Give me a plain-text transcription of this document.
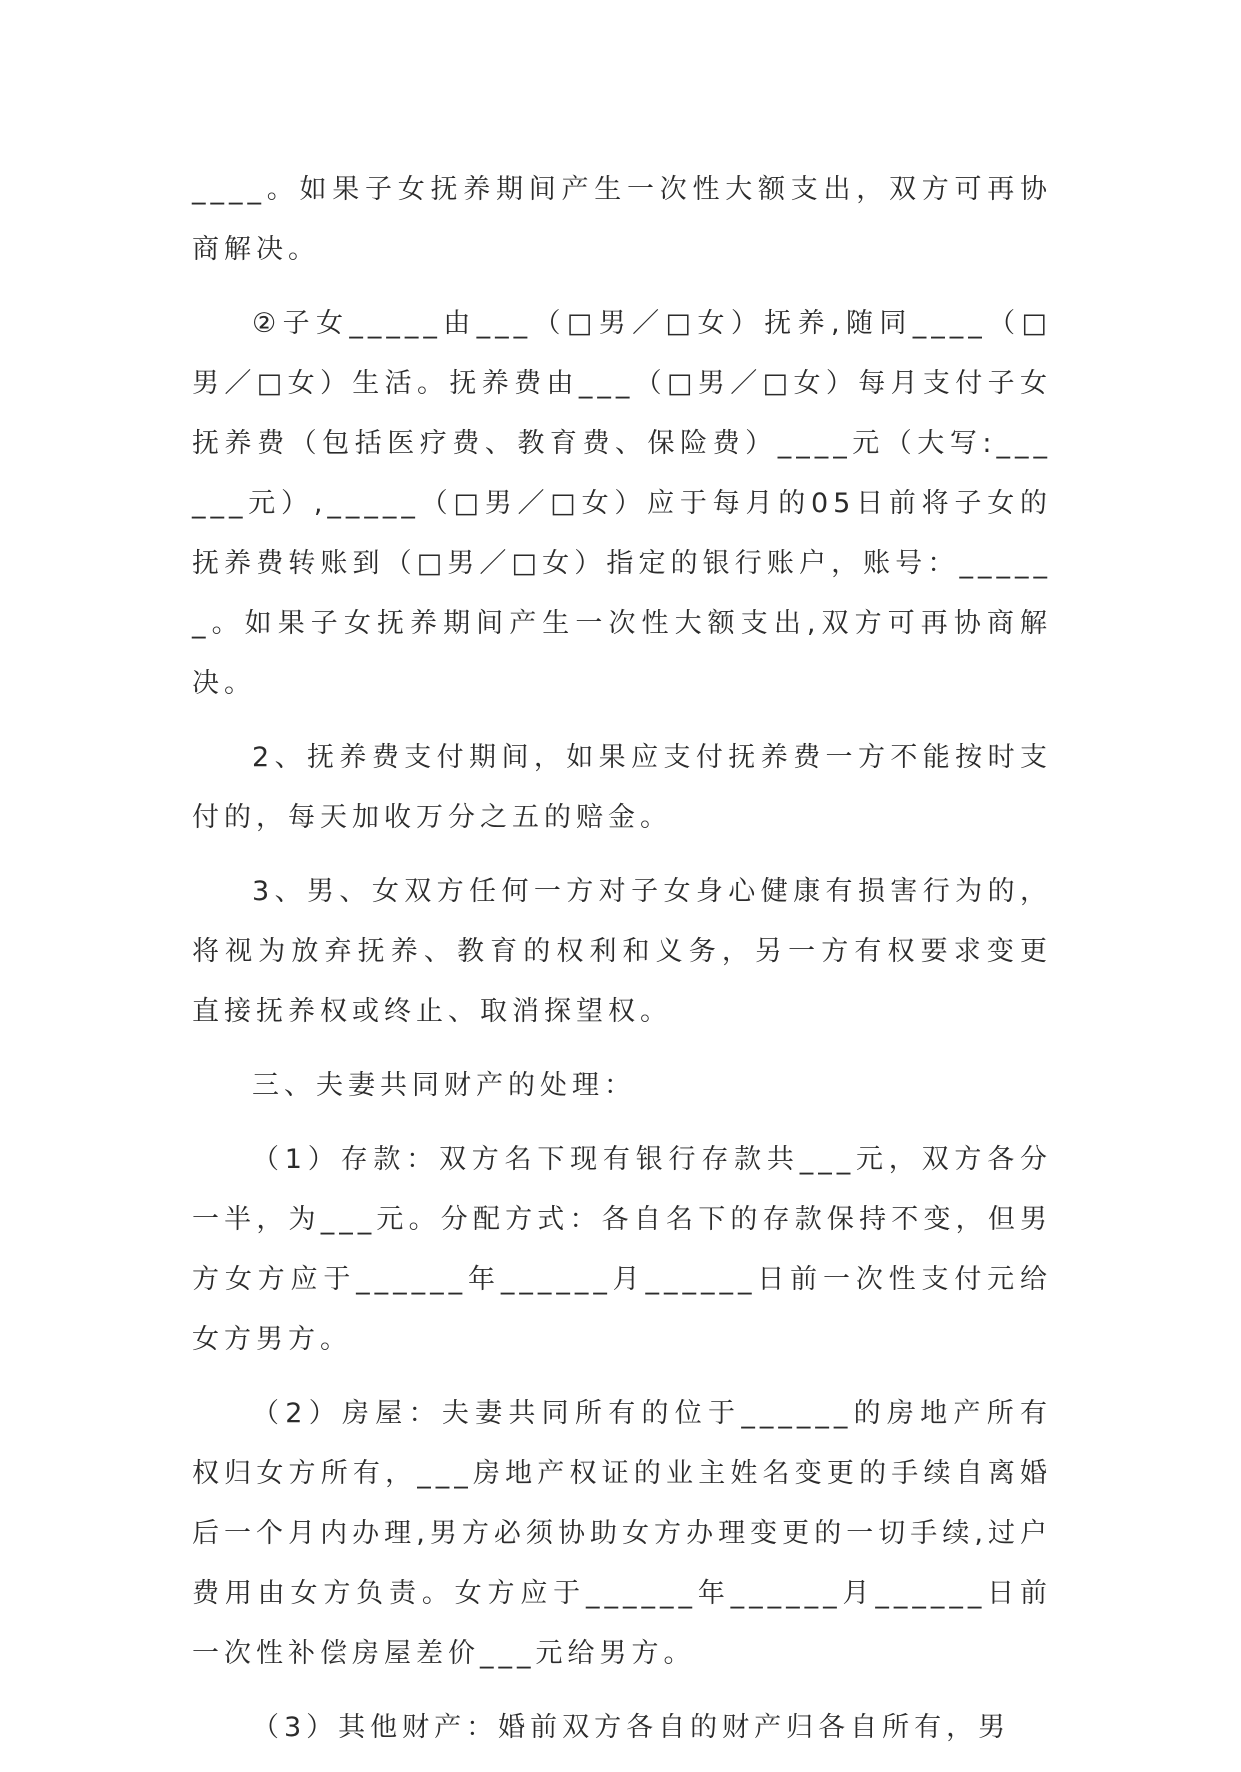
____。如果子女抚养期间产生一次性大额支出，双方可再协商解决。

②子女_____由___（□男／□女）抚养,随同____（□男／□女）生活。抚养费由___（□男／□女）每月支付子女抚养费（包括医疗费、教育费、保险费）____元（大写:______元）,_____（□男／□女）应于每月的05日前将子女的抚养费转账到（□男／□女）指定的银行账户，账号：______。如果子女抚养期间产生一次性大额支出,双方可再协商解决。

2、抚养费支付期间，如果应支付抚养费一方不能按时支付的，每天加收万分之五的赔金。

3、男、女双方任何一方对子女身心健康有损害行为的，将视为放弃抚养、教育的权利和义务，另一方有权要求变更直接抚养权或终止、取消探望权。

三、夫妻共同财产的处理：

（1）存款：双方名下现有银行存款共___元，双方各分一半，为___元。分配方式：各自名下的存款保持不变，但男方女方应于______年______月______日前一次性支付元给女方男方。

（2）房屋：夫妻共同所有的位于______的房地产所有权归女方所有，___房地产权证的业主姓名变更的手续自离婚后一个月内办理,男方必须协助女方办理变更的一切手续,过户费用由女方负责。女方应于______年______月______日前一次性补偿房屋差价___元给男方。

（3）其他财产：婚前双方各自的财产归各自所有，男
